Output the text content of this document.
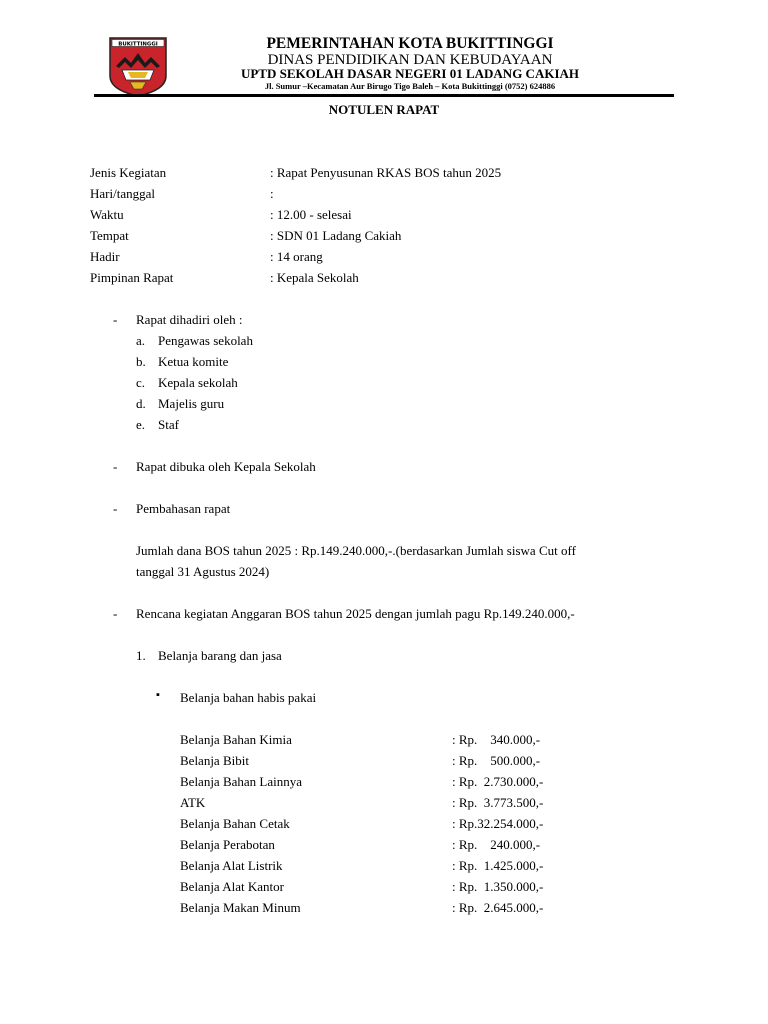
BUKITTINGGI	PEMERINTAHAN KOTA BUKITTINGGI
DINAS PENDIDIKAN DAN KEBUDAYAAN
UPTD SEKOLAH DASAR NEGERI 01 LADANG CAKIAH
Jl. Sumur –Kecamatan Aur Birugo Tigo Baleh – Kota Bukittinggi (0752) 624886
NOTULEN RAPAT
Jenis Kegiatan	: Rapat Penyusunan RKAS BOS tahun 2025
Hari/tanggal	:
Waktu	: 12.00 - selesai
Tempat	: SDN 01 Ladang Cakiah
Hadir	: 14 orang
Pimpinan Rapat	: Kepala Sekolah
- Rapat dihadiri oleh :
a. Pengawas sekolah
b. Ketua komite
c. Kepala sekolah
d. Majelis guru
e. Staf
- Rapat dibuka oleh Kepala Sekolah
- Pembahasan rapat
Jumlah dana BOS tahun 2025 : Rp.149.240.000,-.(berdasarkan Jumlah siswa Cut off
tanggal 31 Agustus 2024)
- Rencana kegiatan Anggaran BOS tahun 2025 dengan jumlah pagu Rp.149.240.000,-
1. Belanja barang dan jasa
▪ Belanja bahan habis pakai
Belanja Bahan Kimia	: Rp.    340.000,-
Belanja Bibit	: Rp.    500.000,-
Belanja Bahan Lainnya	: Rp.  2.730.000,-
ATK	: Rp.  3.773.500,-
Belanja Bahan Cetak	: Rp.32.254.000,-
Belanja Perabotan	: Rp.    240.000,-
Belanja Alat Listrik	: Rp.  1.425.000,-
Belanja Alat Kantor	: Rp.  1.350.000,-
Belanja Makan Minum	: Rp.  2.645.000,-
